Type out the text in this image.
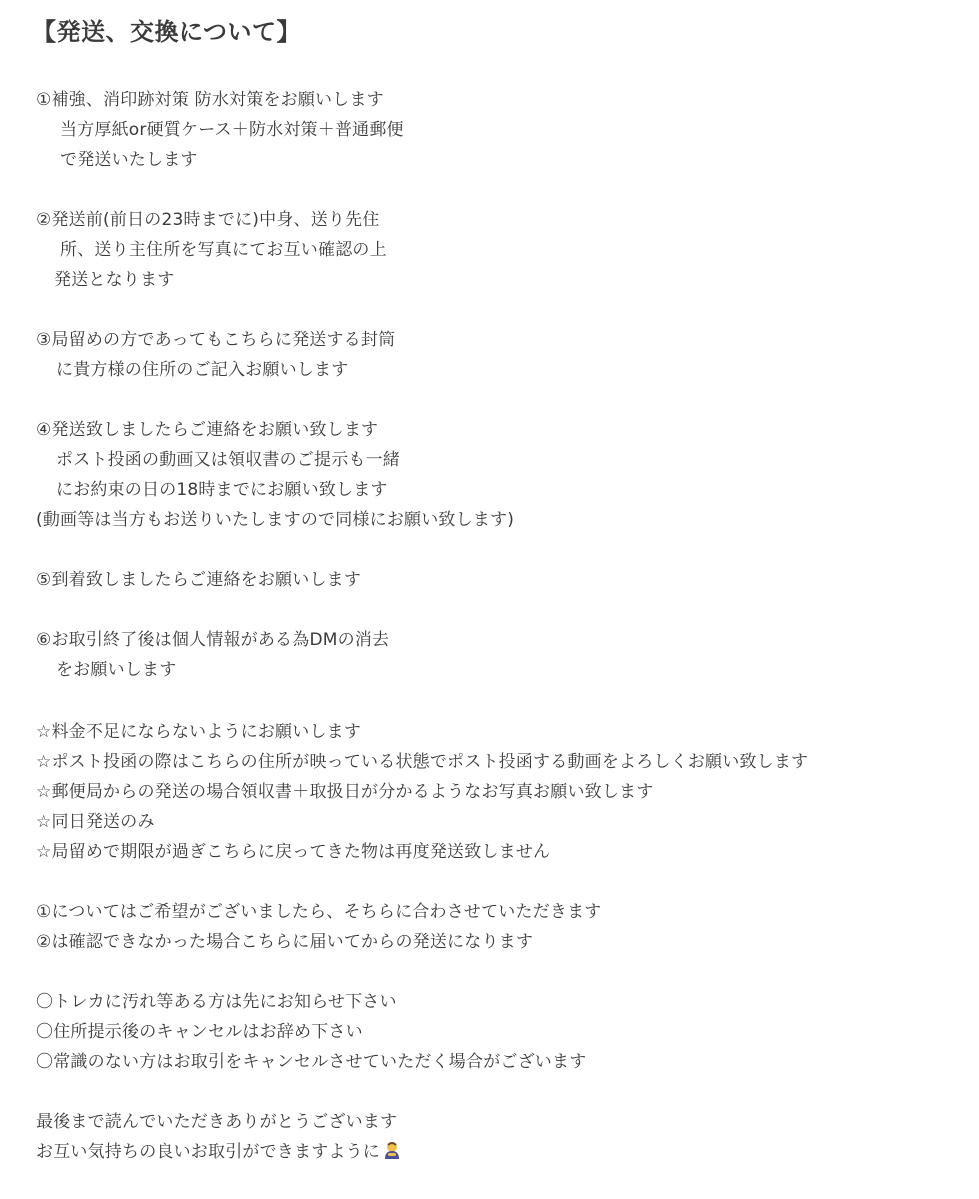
【発送、交換について】
①補強、消印跡対策 防水対策をお願いします
当方厚紙or硬質ケース＋防水対策＋普通郵便
で発送いたします
②発送前(前日の23時までに)中身、送り先住
所、送り主住所を写真にてお互い確認の上
発送となります
③局留めの方であってもこちらに発送する封筒
に貴方様の住所のご記入お願いします
④発送致しましたらご連絡をお願い致します
ポスト投函の動画又は領収書のご提示も一緒
にお約束の日の18時までにお願い致します
(動画等は当方もお送りいたしますので同様にお願い致します)
⑤到着致しましたらご連絡をお願いします
⑥お取引終了後は個人情報がある為DMの消去
をお願いします
☆料金不足にならないようにお願いします
☆ポスト投函の際はこちらの住所が映っている状態でポスト投函する動画をよろしくお願い致します
☆郵便局からの発送の場合領収書＋取扱日が分かるようなお写真お願い致します
☆同日発送のみ
☆局留めで期限が過ぎこちらに戻ってきた物は再度発送致しません
①についてはご希望がございましたら、そちらに合わさせていただきます
②は確認できなかった場合こちらに届いてからの発送になります
〇トレカに汚れ等ある方は先にお知らせ下さい
〇住所提示後のキャンセルはお辞め下さい
〇常識のない方はお取引をキャンセルさせていただく場合がございます
最後まで読んでいただきありがとうございます
お互い気持ちの良いお取引ができますように
